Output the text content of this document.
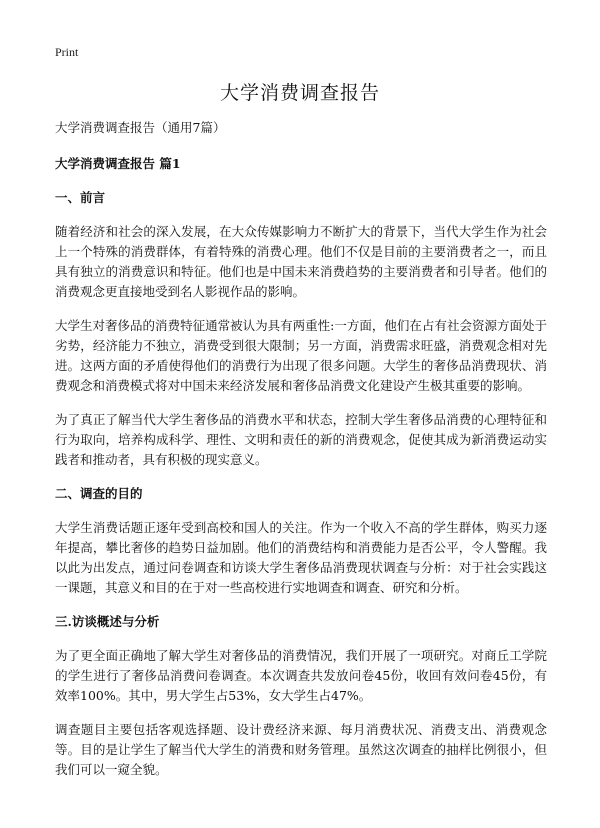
Print
大学消费调查报告

大学消费调查报告（通用7篇）

大学消费调查报告 篇1

一、前言

随着经济和社会的深入发展，在大众传媒影响力不断扩大的背景下，当代大学生作为社会上一个特殊的消费群体，有着特殊的消费心理。他们不仅是目前的主要消费者之一，而且具有独立的消费意识和特征。他们也是中国未来消费趋势的主要消费者和引导者。他们的消费观念更直接地受到名人影视作品的影响。

大学生对奢侈品的消费特征通常被认为具有两重性:一方面，他们在占有社会资源方面处于劣势，经济能力不独立，消费受到很大限制；另一方面，消费需求旺盛，消费观念相对先进。这两方面的矛盾使得他们的消费行为出现了很多问题。大学生的奢侈品消费现状、消费观念和消费模式将对中国未来经济发展和奢侈品消费文化建设产生极其重要的影响。

为了真正了解当代大学生奢侈品的消费水平和状态，控制大学生奢侈品消费的心理特征和行为取向，培养构成科学、理性、文明和责任的新的消费观念，促使其成为新消费运动实践者和推动者，具有积极的现实意义。

二、调查的目的

大学生消费话题正逐年受到高校和国人的关注。作为一个收入不高的学生群体，购买力逐年提高，攀比奢侈的趋势日益加剧。他们的消费结构和消费能力是否公平，令人警醒。我以此为出发点，通过问卷调查和访谈大学生奢侈品消费现状调查与分析：对于社会实践这一课题，其意义和目的在于对一些高校进行实地调查和调查、研究和分析。

三.访谈概述与分析

为了更全面正确地了解大学生对奢侈品的消费情况，我们开展了一项研究。对商丘工学院的学生进行了奢侈品消费问卷调查。本次调查共发放问卷45份，收回有效问卷45份，有效率100%。其中，男大学生占53%，女大学生占47%。

调查题目主要包括客观选择题、设计费经济来源、每月消费状况、消费支出、消费观念等。目的是让学生了解当代大学生的消费和财务管理。虽然这次调查的抽样比例很小，但我们可以一窥全貌。
